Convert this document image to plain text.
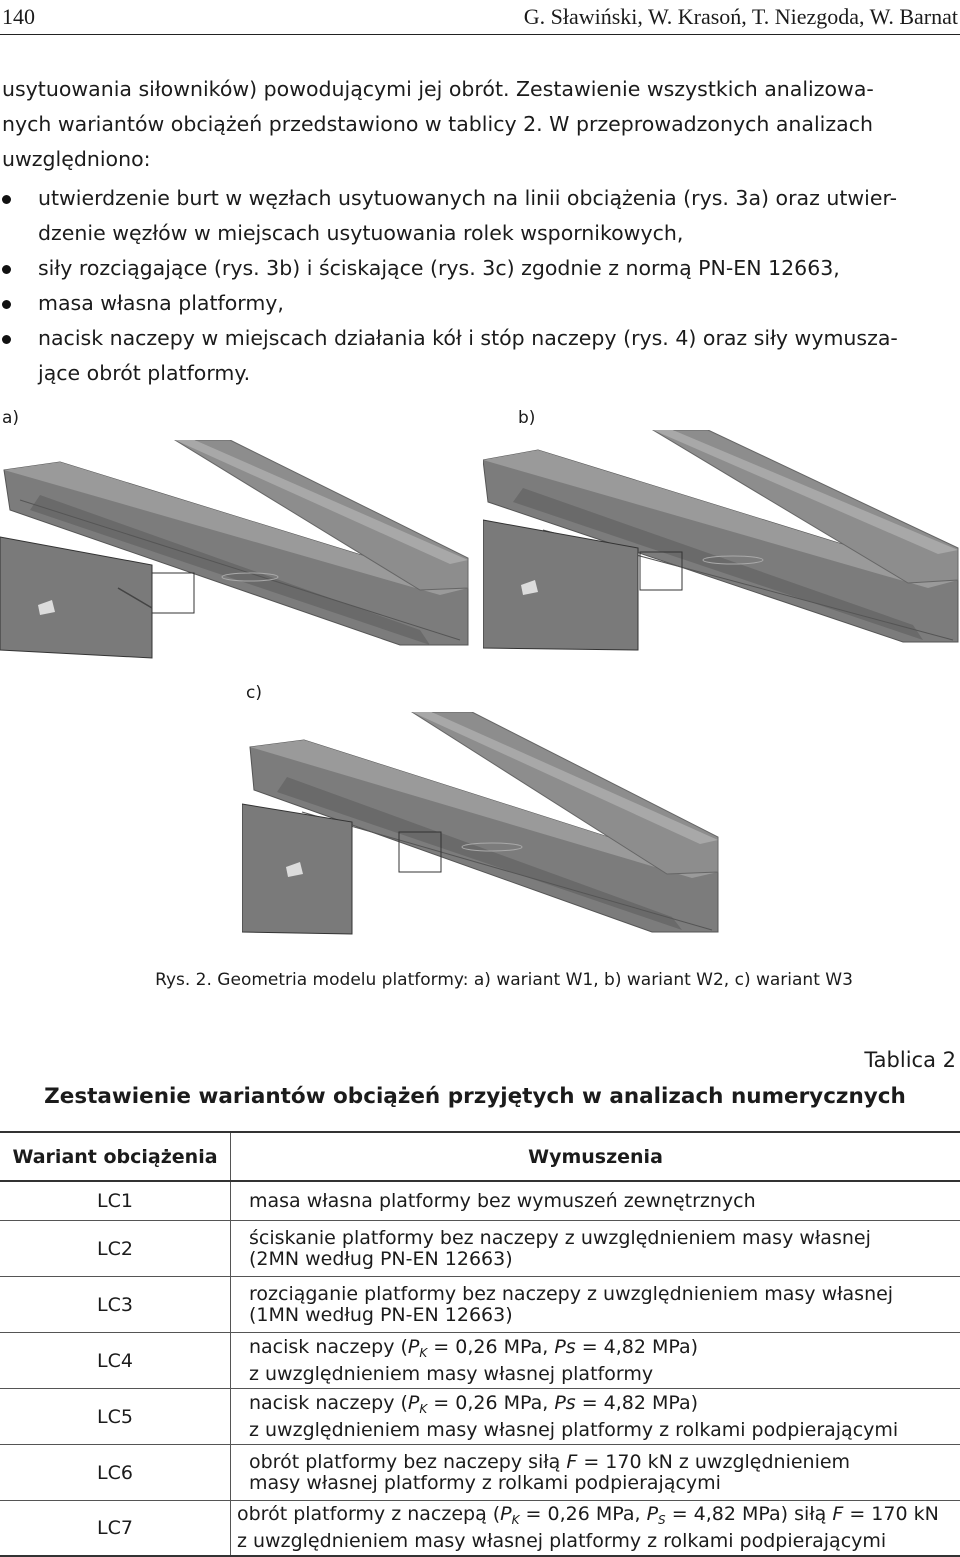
140	G. Sławiński, W. Krasoń, T. Niezgoda, W. Barnat
usytuowania siłowników) powodującymi jej obrót. Zestawienie wszystkich analizowa-
nych wariantów obciążeń przedstawiono w tablicy 2. W przeprowadzonych analizach
uwzględniono:
utwierdzenie burt w węzłach usytuowanych na linii obciążenia (rys. 3a) oraz utwier-
dzenie węzłów w miejscach usytuowania rolek wspornikowych,
siły rozciągające (rys. 3b) i ściskające (rys. 3c) zgodnie z normą PN-EN 12663,
masa własna platformy,
nacisk naczepy w miejscach działania kół i stóp naczepy (rys. 4) oraz siły wymusza-
jące obrót platformy.
a)	b)
c)
Rys. 2. Geometria modelu platformy: a) wariant W1, b) wariant W2, c) wariant W3
Tablica 2
Zestawienie wariantów obciążeń przyjętych w analizach numerycznych
Wariant obciążenia	Wymuszenia
LC1	masa własna platformy bez wymuszeń zewnętrznych

LC2	ściskanie platformy bez naczepy z uwzględnieniem masy własnej
(2MN według PN-EN 12663)

LC3	rozciąganie platformy bez naczepy z uwzględnieniem masy własnej
(1MN według PN-EN 12663)

LC4	nacisk naczepy ($P_K = 0,26$ MPa, Ps = 4,82 MPa)
z uwzględnieniem masy własnej platformy

LC5	nacisk naczepy ($P_K = 0,26$ MPa, Ps = 4,82 MPa)
z uwzględnieniem masy własnej platformy z rolkami podpierającymi

LC6	obrót platformy bez naczepy siłą F = 170 kN z uwzględnieniem
masy własnej platformy z rolkami podpierającymi

LC7	obrót platformy z naczepą ($P_K = 0,26$ MPa, $P_S = 4,82$ MPa) siłą F = 170 kN
z uwzględnieniem masy własnej platformy z rolkami podpierającymi
